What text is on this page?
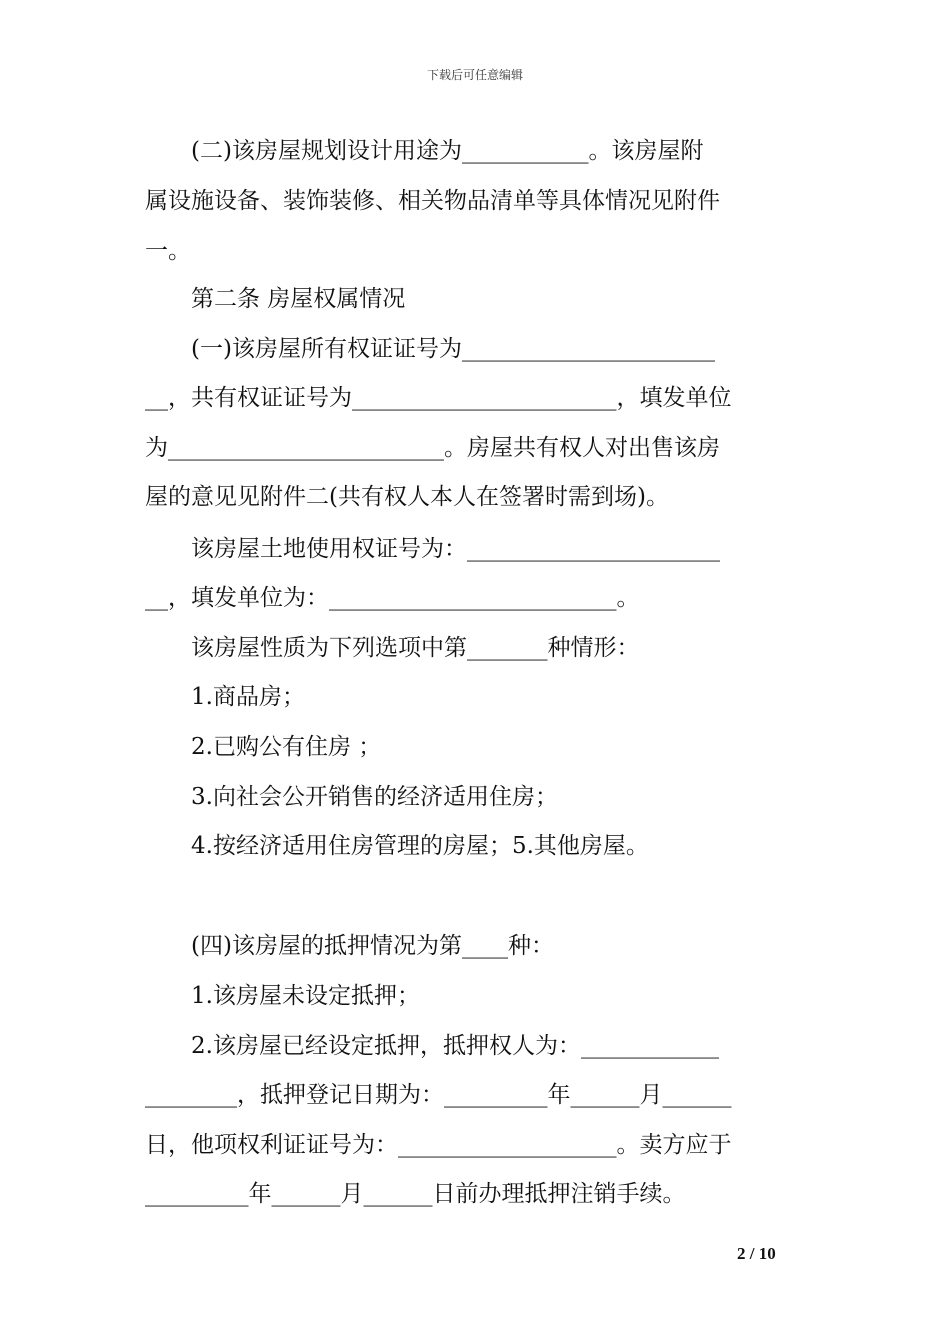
下载后可任意编辑
　　(二)该房屋规划设计用途为___________。该房屋附
属设施设备、装饰装修、相关物品清单等具体情况见附件
一。
　　第二条 房屋权属情况
　　(一)该房屋所有权证证号为______________________
__，共有权证证号为_______________________，填发单位
为________________________。房屋共有权人对出售该房
屋的意见见附件二(共有权人本人在签署时需到场)。
　　该房屋土地使用权证号为：______________________
__，填发单位为：_________________________。
　　该房屋性质为下列选项中第_______种情形：
　　1.商品房；
　　2.已购公有住房 ；
　　3.向社会公开销售的经济适用住房；
　　4.按经济适用住房管理的房屋；5.其他房屋。
　　(四)该房屋的抵押情况为第____种：
　　1.该房屋未设定抵押；
　　2.该房屋已经设定抵押，抵押权人为：____________
________，抵押登记日期为：_________年______月______
日，他项权利证证号为：___________________。卖方应于
_________年______月______日前办理抵押注销手续。
2 / 10
